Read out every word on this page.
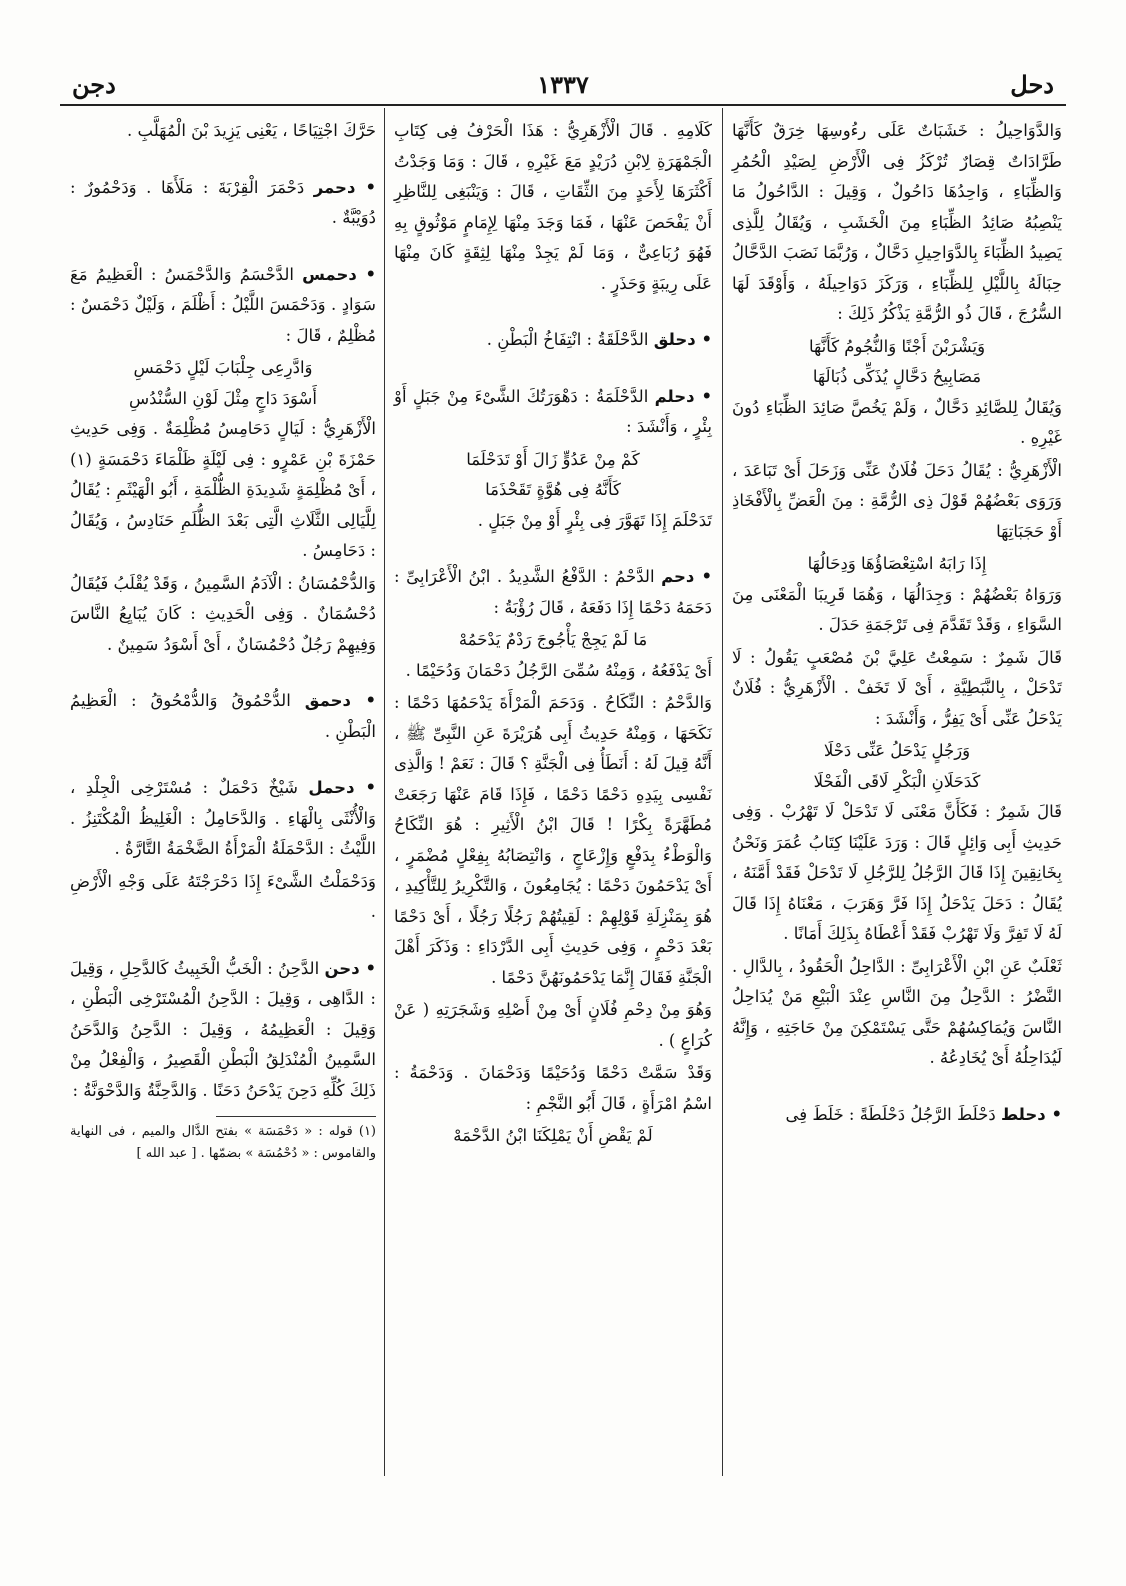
دحل
١٣٣٧
دجن

وَالدَّوَاحِيلُ : خَشَبَاتٌ عَلَى رءُوسِهَا خِرَقٌ كَأَنَّهَا طَرَّادَاتٌ قِصَارٌ تُرْكَزُ فِى الْأَرْضِ لِصَيْدِ الْحُمُرِ وَالظِّبَاءِ ، وَاحِدُهَا دَاحُولٌ ، وَقِيلَ : الدَّاحُولُ مَا يَنْصِبُهُ صَائِدُ الظِّبَاءِ مِنَ الْخَشَبِ ، وَيُقَالُ لِلَّذِى يَصِيدُ الظِّبَاءَ بِالدَّوَاحِيلِ دَحَّالٌ ، وَرُبَّمَا نَصَبَ الدَّحَّالُ حِبَالَهُ بِاللَّيْلِ لِلظِّبَاءِ ، وَرَكَزَ دَوَاحِيلَهُ ، وَأَوْقَدَ لَهَا السُّرُجَ ، قَالَ ذُو الرُّمَّةِ يَذْكُرُ ذَلِكَ :

وَيَشْرَبْنَ أَجْنًا وَالنُّجُومُ كَأَنَّهَا

مَصَابِيحُ دَحَّالٍ يُذَكِّى ذُبَالَهَا

وَيُقَالُ لِلصَّائِدِ دَحَّالٌ ، وَلَمْ يَخُصَّ صَائِدَ الظِّبَاءِ دُونَ غَيْرِهِ .

الْأَزْهَرِيُّ : يُقَالُ دَحَلَ فُلَانٌ عَنِّى وَزَحَلَ أَىْ تَبَاعَدَ ، وَرَوَى بَعْضُهُمْ قَوْلَ ذِى الرُّمَّةِ : مِنَ الْعَضِّ بِالْأَفْخَاذِ أَوْ حَجَبَاتِهَا

إِذَا رَابَهُ اسْتِعْصَاؤُهَا وَدِحَالُهَا

وَرَوَاهُ بَعْضُهُمْ : وَجِدَالُهَا ، وَهُمَا قَرِيبَا الْمَعْنَى مِنَ السَّوَاءِ ، وَقَدْ تَقَدَّمَ فِى تَرْجَمَةِ حَدَلَ .

قَالَ شَمِرٌ : سَمِعْتُ عَلِيَّ بْنَ مُصْعَبٍ يَقُولُ : لَا تَدْحَلْ ، بِالنَّبَطِيَّةِ ، أَىْ لَا تَخَفْ . الْأَزْهَرِيُّ : فُلَانٌ يَدْحَلُ عَنِّى أَىْ يَفِرُّ ، وَأَنْشَدَ :

وَرَجُلٍ يَدْحَلُ عَنِّى دَحْلَا

كَدَحَلَانِ الْبَكْرِ لَاقَى الْفَحْلَا

قَالَ شَمِرٌ : فَكَأَنَّ مَعْنَى لَا تَدْحَلْ لَا تَهْرُبْ . وَفِى حَدِيثِ أَبِى وَائِلٍ قَالَ : وَرَدَ عَلَيْنَا كِتَابُ عُمَرَ وَنَحْنُ بِخَانِقِينَ إِذَا قَالَ الرَّجُلُ لِلرَّجُلِ لَا تَدْحَلْ فَقَدْ أَمَّنَهُ ، يُقَالُ : دَحَلَ يَدْحَلُ إِذَا فَرَّ وَهَرَبَ ، مَعْنَاهُ إِذَا قَالَ لَهُ لَا تَفِرَّ وَلَا تَهْرُبْ فَقَدْ أَعْطَاهُ بِذَلِكَ أَمَانًا .

ثَعْلَبٌ عَنِ ابْنِ الْأَعْرَابِىِّ : الدَّاحِلُ الْحَقُودُ ، بِالدَّالِ . النَّضْرُ : الدَّحِلُ مِنَ النَّاسِ عِنْدَ الْبَيْعِ مَنْ يُدَاحِلُ النَّاسَ وَيُمَاكِسُهُمْ حَتَّى يَسْتَمْكِنَ مِنْ حَاجَتِهِ ، وَإِنَّهُ لَيُدَاحِلُهُ أَىْ يُخَادِعُهُ .

• دحلط دَحْلَطَ الرَّجُلُ دَحْلَطَةً : خَلَطَ فِى

كَلَامِهِ . قَالَ الْأَزْهَرِيُّ : هَذَا الْحَرْفُ فِى كِتَابِ الْجَمْهَرَةِ لِابْنِ دُرَيْدٍ مَعَ غَيْرِهِ ، قَالَ : وَمَا وَجَدْتُ أَكْثَرَهَا لِأَحَدٍ مِنَ الثِّقَاتِ ، قَالَ : وَيَنْبَغِى لِلنَّاظِرِ أَنْ يَفْحَصَ عَنْهَا ، فَمَا وَجَدَ مِنْهَا لِإِمَامٍ مَوْثُوقٍ بِهِ فَهُوَ رُبَاعِىٌّ ، وَمَا لَمْ يَجِدْ مِنْهَا لِثِقَةٍ كَانَ مِنْهَا عَلَى رِيبَةٍ وَحَذَرٍ .

• دحلق الدَّحْلَقَةُ : انْتِفَاخُ الْبَطْنِ .

• دحلم الدَّحْلَمَةُ : دَهْوَرَتُكَ الشَّىْءَ مِنْ جَبَلٍ أَوْ بِئْرٍ ، وَأَنْشَدَ :

كَمْ مِنْ عَدُوٍّ زَالَ أَوْ تَدَحْلَمَا

كَأَنَّهُ فِى هُوَّةٍ تَقَحْذَمَا

تَدَحْلَمَ إِذَا تَهَوَّرَ فِى بِئْرٍ أَوْ مِنْ جَبَلٍ .

• دحم الدَّحْمُ : الدَّفْعُ الشَّدِيدُ . ابْنُ الْأَعْرَابِىِّ : دَحَمَهُ دَحْمًا إِذَا دَفَعَهُ ، قَالَ رُؤْبَةُ :

مَا لَمْ يَجِجْ يَأْجُوجَ رَدْمٌ يَدْحَمُهْ

أَىْ يَدْفَعُهُ ، وَمِنْهُ سُمِّىَ الرَّجُلُ دَحْمَانَ وَدُحَيْمًا .

وَالدَّحْمُ : النِّكَاحُ . وَدَحَمَ الْمَرْأَةَ يَدْحَمُهَا دَحْمًا : نَكَحَهَا ، وَمِنْهُ حَدِيثُ أَبِى هُرَيْرَةَ عَنِ النَّبِىِّ ﷺ ، أَنَّهُ قِيلَ لَهُ : أَنَطَأُ فِى الْجَنَّةِ ؟ قَالَ : نَعَمْ ! وَالَّذِى نَفْسِى بِيَدِهِ دَحْمًا دَحْمًا ، فَإِذَا قَامَ عَنْهَا رَجَعَتْ مُطَهَّرَةً بِكْرًا ! قَالَ ابْنُ الْأَثِيرِ : هُوَ النِّكَاحُ وَالْوَطْءُ بِدَفْعٍ وَإِزْعَاجٍ ، وَانْتِصَابُهُ بِفِعْلٍ مُضْمَرٍ ، أَىْ يَدْحَمُونَ دَحْمًا : يُجَامِعُونَ ، وَالتَّكْرِيرُ لِلتَّأْكِيدِ ، هُوَ بِمَنْزِلَةِ قَوْلِهِمْ : لَقِيتُهُمْ رَجُلًا رَجُلًا ، أَىْ دَحْمًا بَعْدَ دَحْمٍ ، وَفِى حَدِيثِ أَبِى الدَّرْدَاءِ : وَذَكَرَ أَهْلَ الْجَنَّةِ فَقَالَ إِنَّمَا يَدْحَمُونَهُنَّ دَحْمًا .

وَهُوَ مِنْ دِحْمِ فُلَانٍ أَىْ مِنْ أَصْلِهِ وَشَجَرَتِهِ ( عَنْ كُرَاعٍ ) .

وَقَدْ سَمَّتْ دَحْمًا وَدُحَيْمًا وَدَحْمَانَ . وَدَحْمَةُ : اسْمُ امْرَأَةٍ ، قَالَ أَبُو النَّجْمِ :

لَمْ يَقْضِ أَنْ يَمْلِكَنَا ابْنُ الدَّحْمَهْ

حَرَّكَ اجْتِيَاحًا ، يَعْنِى يَزِيدَ بْنَ الْمُهَلَّبِ .

• دحمر دَحْمَرَ الْقِرْبَةَ : مَلَأَهَا . وَدَحْمُورٌ : دُوَيْبَّةٌ .

• دحمس الدَّحْسَمُ وَالدَّحْمَسُ : الْعَظِيمُ مَعَ سَوَادٍ . وَدَحْمَسَ اللَّيْلُ : أَظْلَمَ ، وَلَيْلٌ دَحْمَسٌ : مُظْلِمٌ ، قَالَ :

وَادَّرِعِى جِلْبَابَ لَيْلٍ دَحْمَسِ

أَسْوَدَ دَاجٍ مِثْلَ لَوْنِ السُّنْدُسِ

الْأَزْهَرِيُّ : لَيَالٍ دَحَامِسُ مُظْلِمَةٌ . وَفِى حَدِيثِ حَمْزَةَ بْنِ عَمْرٍو : فِى لَيْلَةٍ ظَلْمَاءَ دَحْمَسَةٍ (١) ، أَىْ مُظْلِمَةٍ شَدِيدَةِ الظُّلْمَةِ ، أَبُو الْهَيْثَمِ : يُقَالُ لِلَّيَالِى الثَّلَاثِ الَّتِى بَعْدَ الظُّلَمِ حَنَادِسُ ، وَيُقَالُ : دَحَامِسُ .

وَالدُّحْمُسَانُ : الْآدَمُ السَّمِينُ ، وَقَدْ يُقْلَبُ فَيُقَالُ دُحْسُمَانٌ . وَفِى الْحَدِيثِ : كَانَ يُبَايِعُ النَّاسَ وَفِيهِمْ رَجُلٌ دُحْمُسَانٌ ، أَىْ أَسْوَدُ سَمِينٌ .

• دحمق الدُّحْمُوقُ وَالدُّمْحُوقُ : الْعَظِيمُ الْبَطْنِ .

• دحمل شَيْخٌ دَحْمَلٌ : مُسْتَرْخِى الْجِلْدِ ، وَالْأُنْثَى بِالْهَاءِ . وَالدَّحَامِلُ : الْغَلِيظُ الْمُكْتَنِزُ . اللَّيْثُ : الدَّحْمَلَةُ الْمَرْأَةُ الضَّخْمَةُ التَّارَّةُ .

وَدَحْمَلْتُ الشَّىْءَ إِذَا دَحْرَجْتَهُ عَلَى وَجْهِ الْأَرْضِ .

• دحن الدَّحِنُ : الْخَبُّ الْخَبِيثُ كَالدَّحِلِ ، وَقِيلَ : الدَّاهِى ، وَقِيلَ : الدَّحِنُ الْمُسْتَرْخِى الْبَطْنِ ، وَقِيلَ : الْعَظِيمُهُ ، وَقِيلَ : الدَّحِنُ وَالدَّحَنُ السَّمِينُ الْمُنْدَلِقُ الْبَطْنِ الْقَصِيرُ ، وَالْفِعْلُ مِنْ ذَلِكَ كُلِّهِ دَحِنَ يَدْحَنُ دَحَنًا . وَالدَّحِنَّةُ وَالدَّحْوَنَّةُ :

(١) قوله : « دَحْمَسَة » بفتح الدَّال والميم ، فى النهاية والقاموس : « دُحْمُسَة » بضمّها . [ عبد الله ]
